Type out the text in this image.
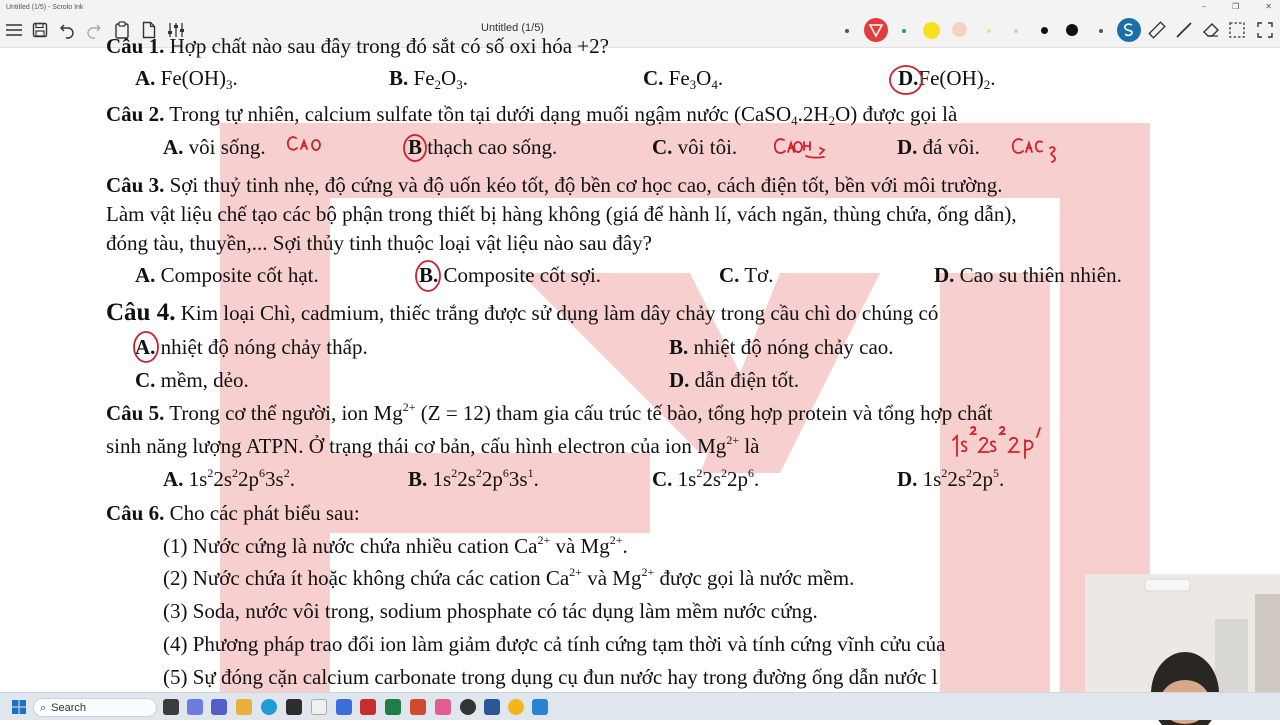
Untitled (1/5) - Scrolo Ink	–	❐	✕
Untitled (1/5)
Câu 1. Hợp chất nào sau đây trong đó sắt có số oxi hóa +2?
A. $Fe(OH)_3$.	B. $Fe_2O_3$.	C. $Fe_3O_4$.	$D.Fe(OH)_2$.
Câu 2. Trong tự nhiên, calcium sulfate tồn tại dưới dạng muối ngậm nước $(CaSO_4.2H_2O)$ được gọi là
A. vôi sống.	B thạch cao sống.	C. vôi tôi.	D. đá vôi.
Câu 3. Sợi thuỷ tinh nhẹ, độ cứng và độ uốn kéo tốt, độ bền cơ học cao, cách điện tốt, bền với môi trường.
Làm vật liệu chế tạo các bộ phận trong thiết bị hàng không (giá để hành lí, vách ngăn, thùng chứa, ống dẫn),
đóng tàu, thuyền,... Sợi thủy tinh thuộc loại vật liệu nào sau đây?
A. Composite cốt hạt.	B. Composite cốt sợi.	C. Tơ.	D. Cao su thiên nhiên.
Câu 4. Kim loại Chì, cadmium, thiếc trắng được sử dụng làm dây chảy trong cầu chì do chúng có
A. nhiệt độ nóng chảy thấp.	B. nhiệt độ nóng chảy cao.
C. mềm, dẻo.	D. dẫn điện tốt.
Câu 5. Trong cơ thể người, ion $Mg^{2+}$ (Z = 12) tham gia cấu trúc tế bào, tổng hợp protein và tổng hợp chất
sinh năng lượng ATPN. Ở trạng thái cơ bản, cấu hình electron của ion $Mg^{2+}$ là
A. $1s^22s^22p^63s^2$.	B. $1s^22s^22p^63s^1$.	C. $1s^22s^22p^6$.	D. $1s^22s^22p^5$.
Câu 6. Cho các phát biểu sau:
(1) Nước cứng là nước chứa nhiều cation $Ca^{2+}$ và $Mg^{2+}$.
(2) Nước chứa ít hoặc không chứa các cation $Ca^{2+}$ và $Mg^{2+}$ được gọi là nước mềm.
(3) Soda, nước vôi trong, sodium phosphate có tác dụng làm mềm nước cứng.
(4) Phương pháp trao đổi ion làm giảm được cả tính cứng tạm thời và tính cứng vĩnh cửu của
(5) Sự đóng cặn calcium carbonate trong dụng cụ đun nước hay trong đường ống dẫn nước l
⌕ Search
